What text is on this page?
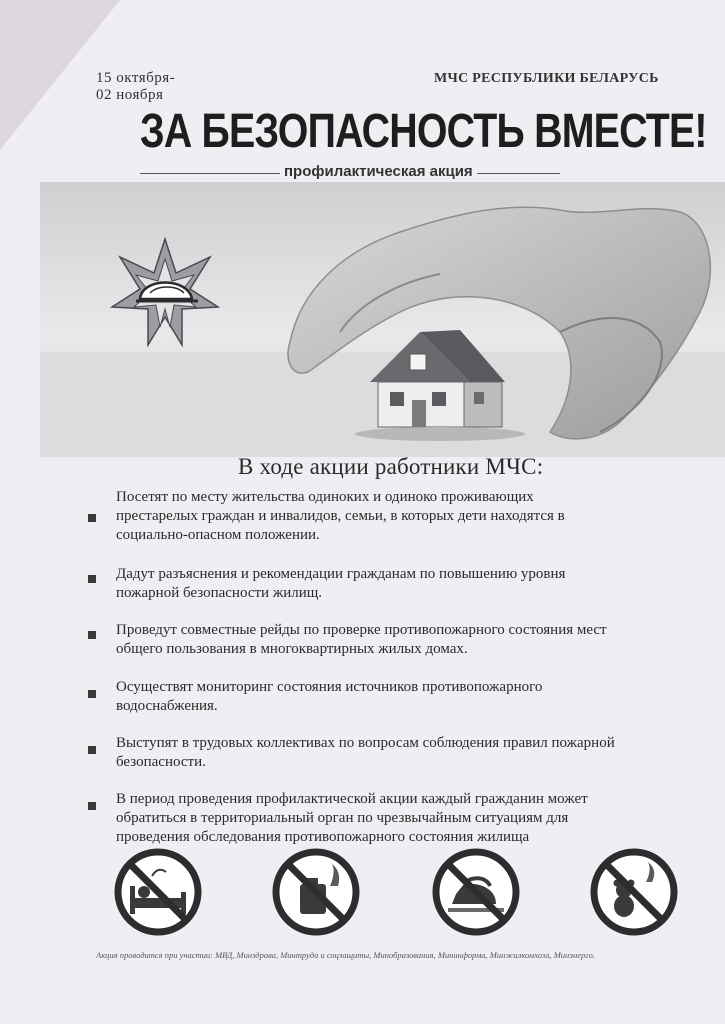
15 октября-
02 ноября
МЧС РЕСПУБЛИКИ БЕЛАРУСЬ
ЗА БЕЗОПАСНОСТЬ ВМЕСТЕ!
профилактическая акция
В ходе акции работники МЧС:
Посетят по месту жительства одиноких и одиноко проживающих
престарелых граждан и инвалидов, семьи, в которых дети находятся в
социально-опасном положении.
Дадут разъяснения и рекомендации гражданам по повышению уровня
пожарной безопасности жилищ.
Проведут совместные рейды по проверке противопожарного состояния мест
общего пользования в многоквартирных жилых домах.
Осуществят мониторинг состояния источников противопожарного
водоснабжения.
Выступят в трудовых коллективах по вопросам соблюдения правил пожарной
безопасности.
В период проведения профилактической акции каждый гражданин может
обратиться в территориальный орган по чрезвычайным ситуациям для
проведения обследования противопожарного состояния жилища
Акция проводится при участии: МВД, Минздрава, Минтруда и соцзащиты, Минобразования, Мининформа, Минжилкомхоза, Минэнерго.
